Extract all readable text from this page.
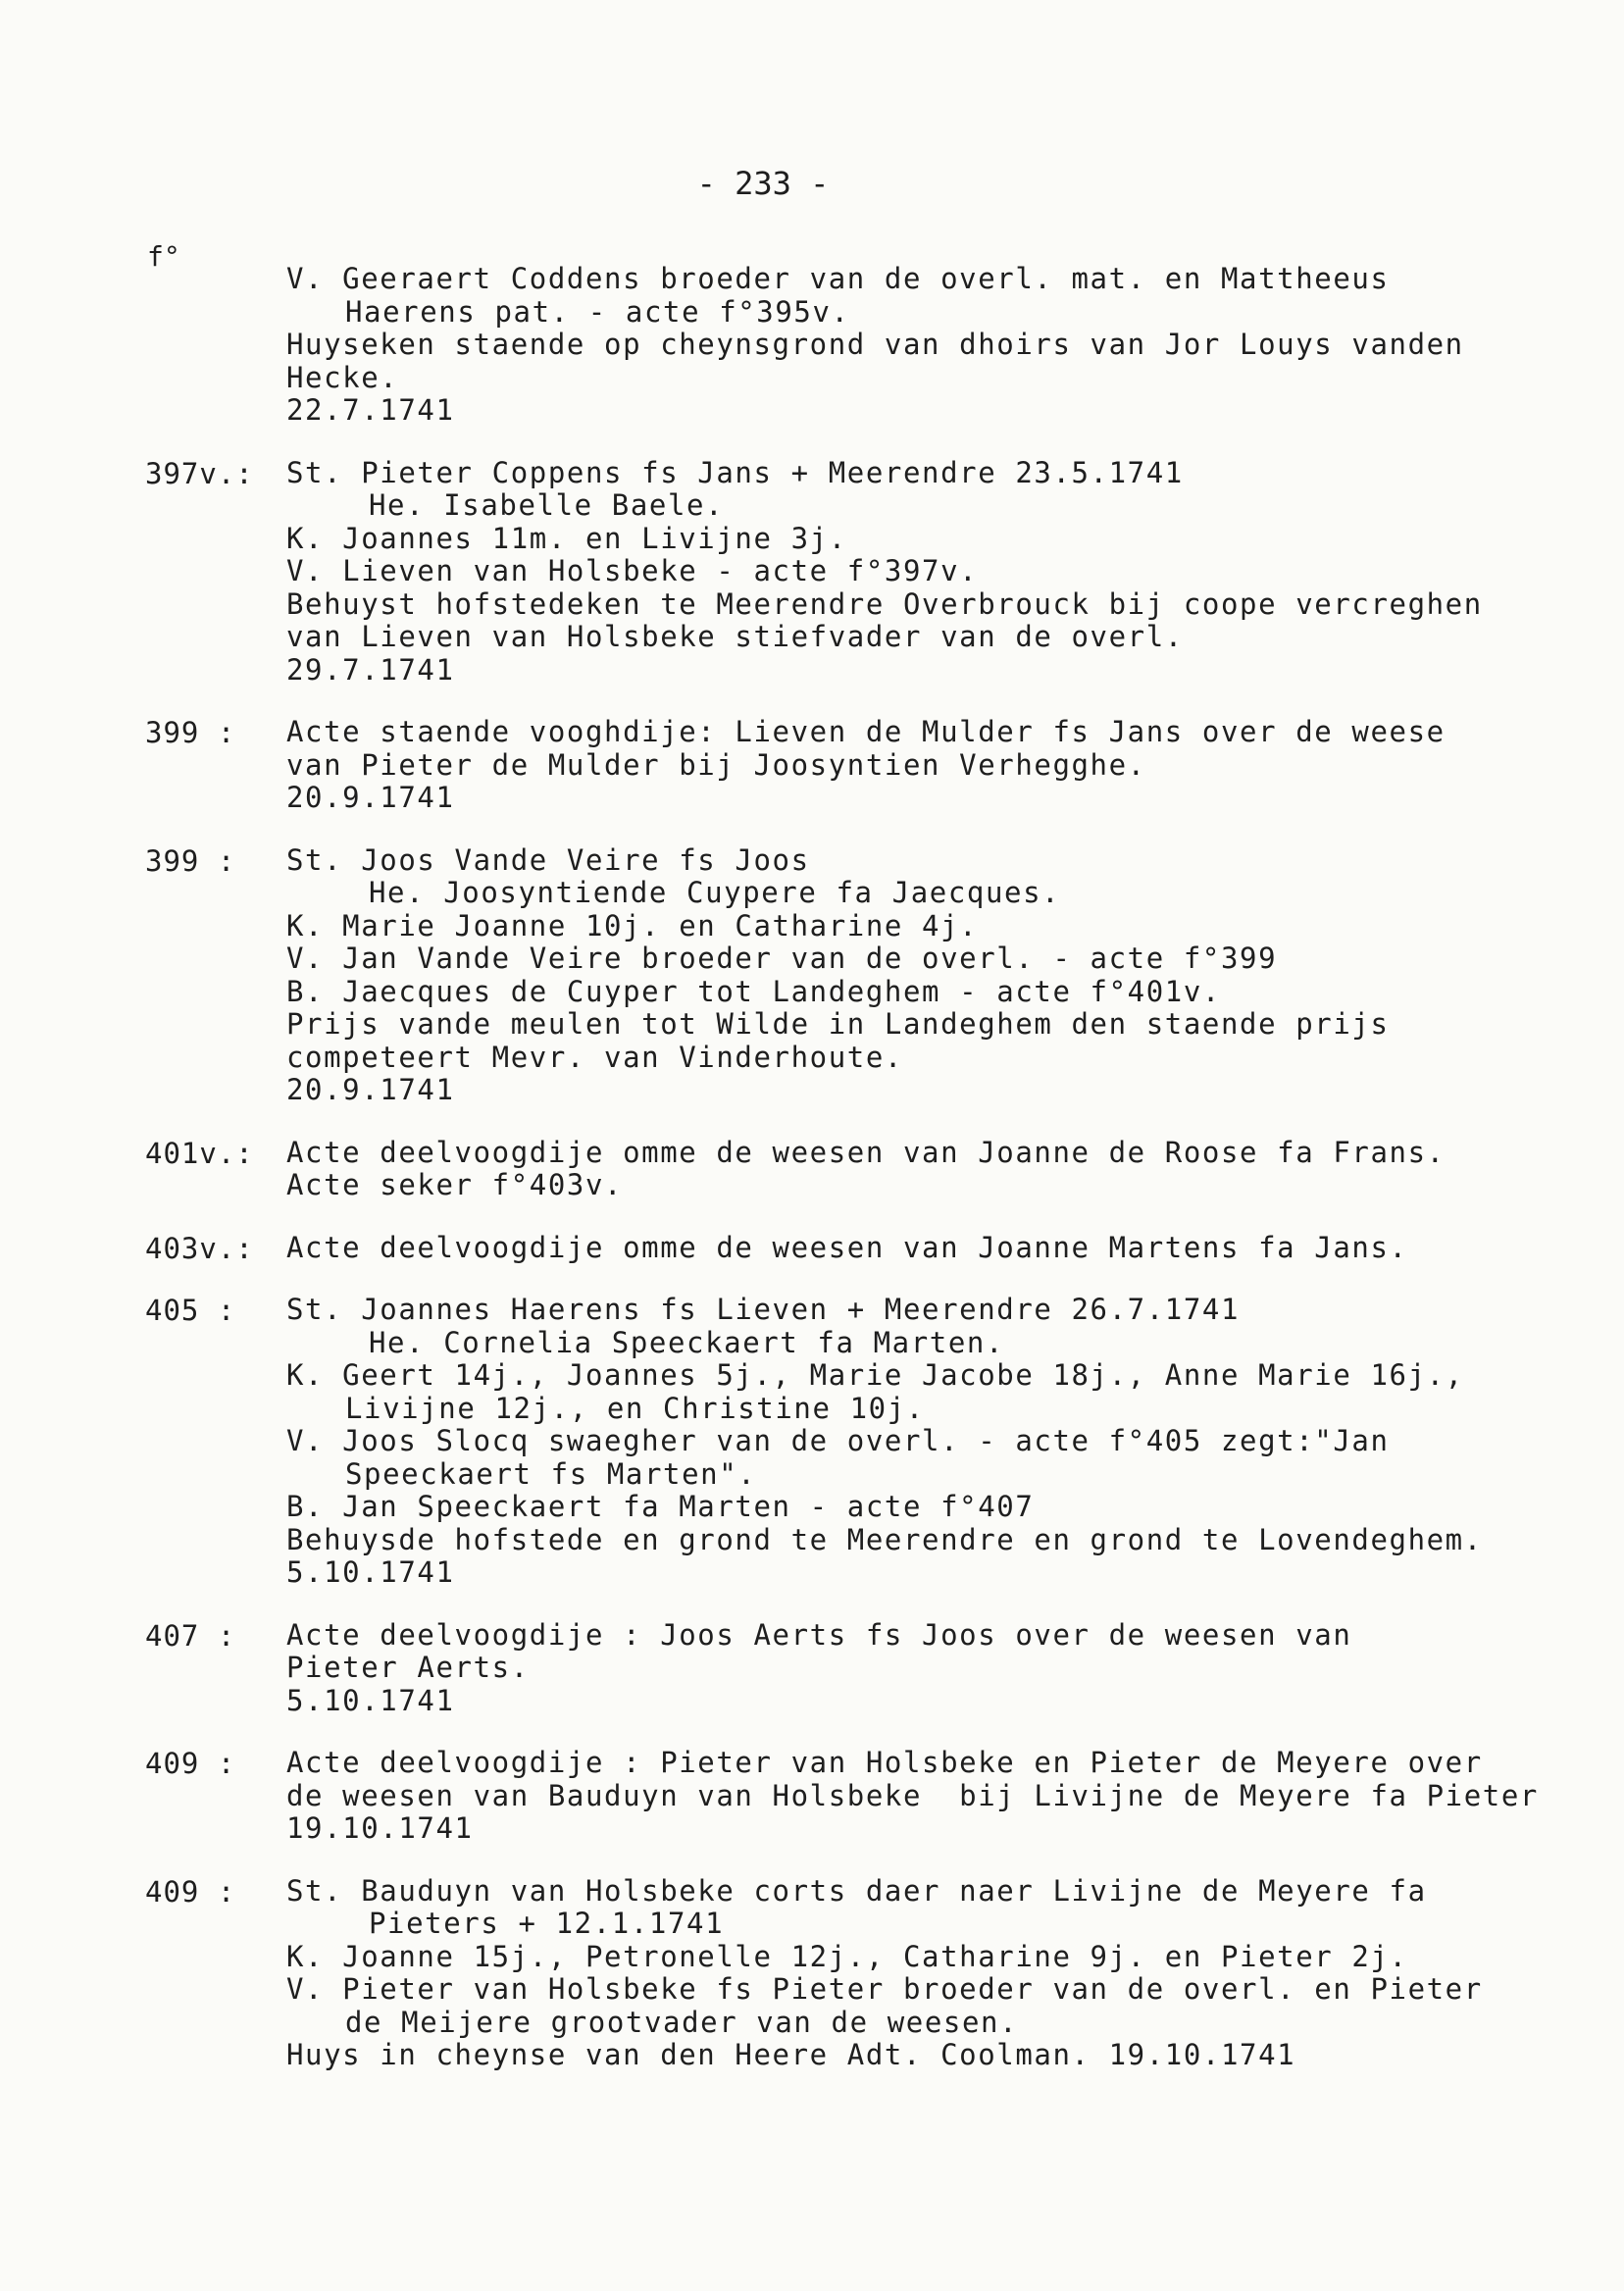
- 233 -
f°
V. Geeraert Coddens broeder van de overl. mat. en Mattheeus
Haerens pat. - acte f°395v.
Huyseken staende op cheynsgrond van dhoirs van Jor Louys vanden
Hecke.
22.7.1741
397v.: St. Pieter Coppens fs Jans + Meerendre 23.5.1741
He. Isabelle Baele.
K. Joannes 11m. en Livijne 3j.
V. Lieven van Holsbeke - acte f°397v.
Behuyst hofstedeken te Meerendre Overbrouck bij coope vercreghen
van Lieven van Holsbeke stiefvader van de overl.
29.7.1741
399 : Acte staende vooghdije: Lieven de Mulder fs Jans over de weese
van Pieter de Mulder bij Joosyntien Verhegghe.
20.9.1741
399 : St. Joos Vande Veire fs Joos
He. Joosyntiende Cuypere fa Jaecques.
K. Marie Joanne 10j. en Catharine 4j.
V. Jan Vande Veire broeder van de overl. - acte f°399
B. Jaecques de Cuyper tot Landeghem - acte f°401v.
Prijs vande meulen tot Wilde in Landeghem den staende prijs
competeert Mevr. van Vinderhoute.
20.9.1741
401v.: Acte deelvoogdije omme de weesen van Joanne de Roose fa Frans.
Acte seker f°403v.
403v.: Acte deelvoogdije omme de weesen van Joanne Martens fa Jans.
405 : St. Joannes Haerens fs Lieven + Meerendre 26.7.1741
He. Cornelia Speeckaert fa Marten.
K. Geert 14j., Joannes 5j., Marie Jacobe 18j., Anne Marie 16j.,
Livijne 12j., en Christine 10j.
V. Joos Slocq swaegher van de overl. - acte f°405 zegt:"Jan
Speeckaert fs Marten".
B. Jan Speeckaert fa Marten - acte f°407
Behuysde hofstede en grond te Meerendre en grond te Lovendeghem.
5.10.1741
407 : Acte deelvoogdije : Joos Aerts fs Joos over de weesen van
Pieter Aerts.
5.10.1741
409 : Acte deelvoogdije : Pieter van Holsbeke en Pieter de Meyere over
de weesen van Bauduyn van Holsbeke  bij Livijne de Meyere fa Pieter
19.10.1741
409 : St. Bauduyn van Holsbeke corts daer naer Livijne de Meyere fa
Pieters + 12.1.1741
K. Joanne 15j., Petronelle 12j., Catharine 9j. en Pieter 2j.
V. Pieter van Holsbeke fs Pieter broeder van de overl. en Pieter
de Meijere grootvader van de weesen.
Huys in cheynse van den Heere Adt. Coolman. 19.10.1741
